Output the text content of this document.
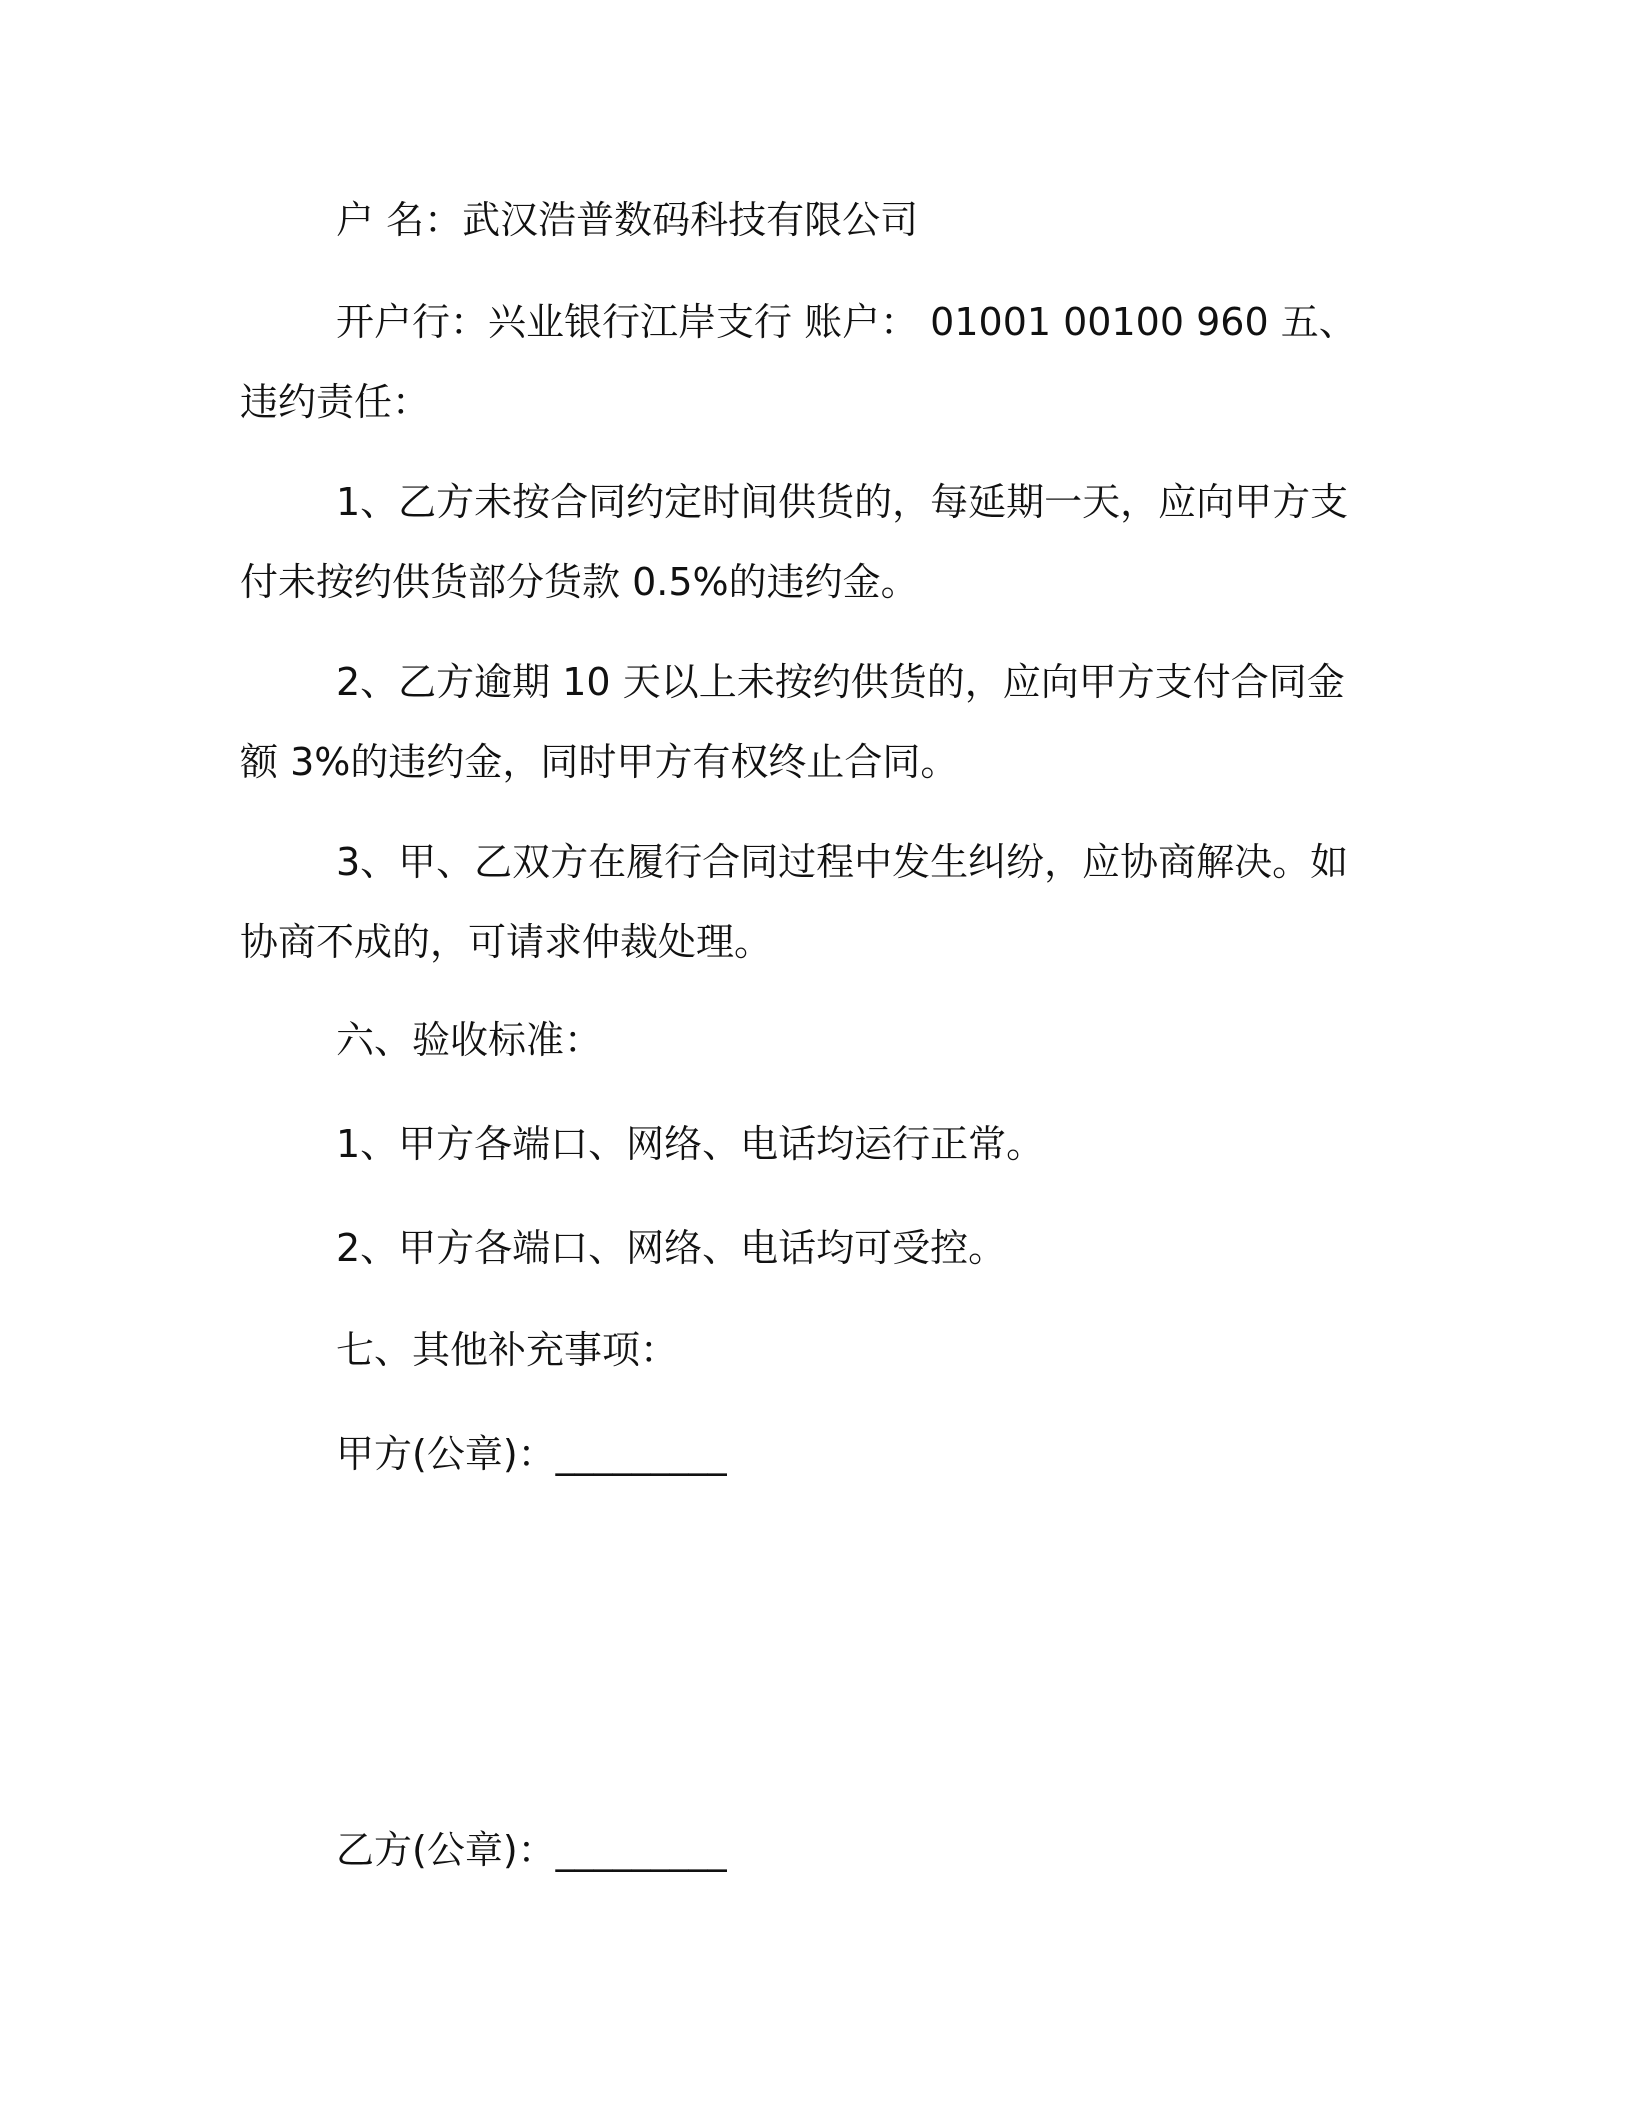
户 名：武汉浩普数码科技有限公司
开户行：兴业银行江岸支行 账户： 01001 00100 960 五、违约责任：
1、乙方未按合同约定时间供货的，每延期一天，应向甲方支付未按约供货部分货款 0.5%的违约金。
2、乙方逾期 10 天以上未按约供货的，应向甲方支付合同金额 3%的违约金，同时甲方有权终止合同。
3、甲、乙双方在履行合同过程中发生纠纷，应协商解决。如协商不成的，可请求仲裁处理。
六、验收标准：
1、甲方各端口、网络、电话均运行正常。
2、甲方各端口、网络、电话均可受控。
七、其他补充事项：
甲方(公章)：_________
乙方(公章)：_________
